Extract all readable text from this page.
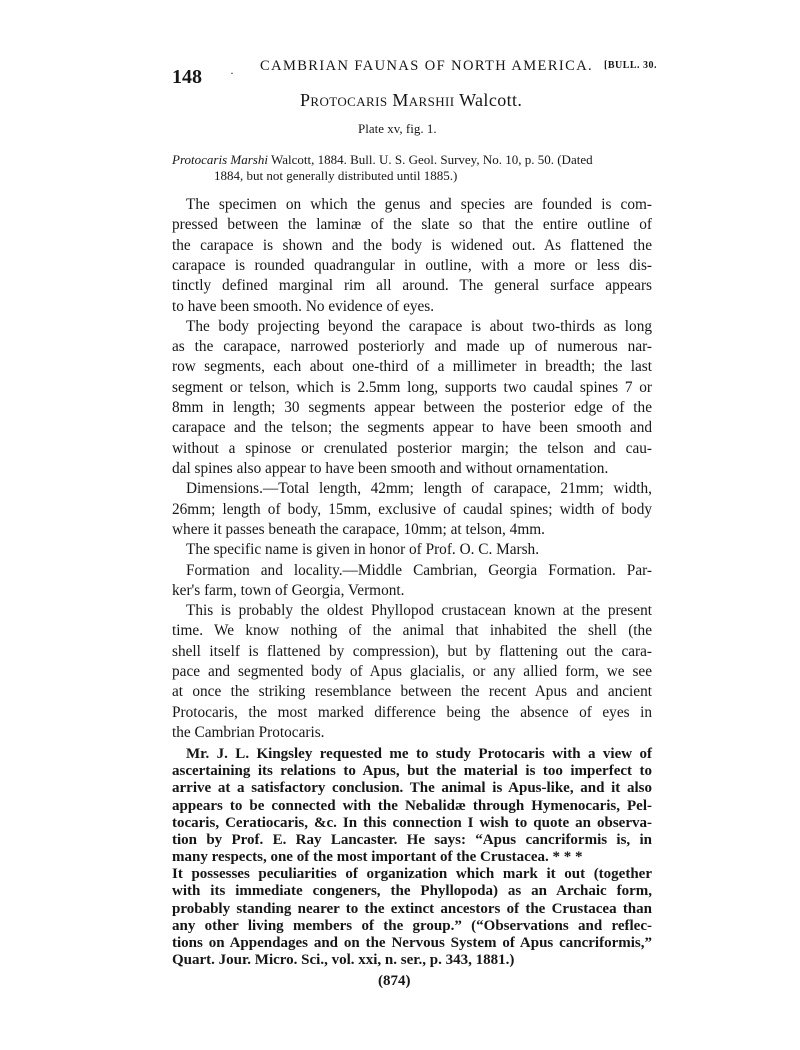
148 · CAMBRIAN FAUNAS OF NORTH AMERICA. [BULL. 30.
Protocaris Marshii Walcott.
Plate xv, fig. 1.
Protocaris Marshi Walcott, 1884. Bull. U. S. Geol. Survey, No. 10, p. 50. (Dated
1884, but not generally distributed until 1885.)
The specimen on which the genus and species are founded is com-
pressed between the laminæ of the slate so that the entire outline of
the carapace is shown and the body is widened out. As flattened the
carapace is rounded quadrangular in outline, with a more or less dis-
tinctly defined marginal rim all around. The general surface appears
to have been smooth. No evidence of eyes.
The body projecting beyond the carapace is about two-thirds as long
as the carapace, narrowed posteriorly and made up of numerous nar-
row segments, each about one-third of a millimeter in breadth; the last
segment or telson, which is 2.5mm long, supports two caudal spines 7 or
8mm in length; 30 segments appear between the posterior edge of the
carapace and the telson; the segments appear to have been smooth and
without a spinose or crenulated posterior margin; the telson and cau-
dal spines also appear to have been smooth and without ornamentation.
Dimensions.—Total length, 42mm; length of carapace, 21mm; width,
26mm; length of body, 15mm, exclusive of caudal spines; width of body
where it passes beneath the carapace, 10mm; at telson, 4mm.
The specific name is given in honor of Prof. O. C. Marsh.
Formation and locality.—Middle Cambrian, Georgia Formation. Par-
ker's farm, town of Georgia, Vermont.
This is probably the oldest Phyllopod crustacean known at the present
time. We know nothing of the animal that inhabited the shell (the
shell itself is flattened by compression), but by flattening out the cara-
pace and segmented body of Apus glacialis, or any allied form, we see
at once the striking resemblance between the recent Apus and ancient
Protocaris, the most marked difference being the absence of eyes in
the Cambrian Protocaris.
Mr. J. L. Kingsley requested me to study Protocaris with a view of
ascertaining its relations to Apus, but the material is too imperfect to
arrive at a satisfactory conclusion. The animal is Apus-like, and it also
appears to be connected with the Nebalidæ through Hymenocaris, Pel-
tocaris, Ceratiocaris, &c. In this connection I wish to quote an observa-
tion by Prof. E. Ray Lancaster. He says: “Apus cancriformis is, in
many respects, one of the most important of the Crustacea. * * *
It possesses peculiarities of organization which mark it out (together
with its immediate congeners, the Phyllopoda) as an Archaic form,
probably standing nearer to the extinct ancestors of the Crustacea than
any other living members of the group.” (“Observations and reflec-
tions on Appendages and on the Nervous System of Apus cancriformis,”
Quart. Jour. Micro. Sci., vol. xxi, n. ser., p. 343, 1881.)
(874)
